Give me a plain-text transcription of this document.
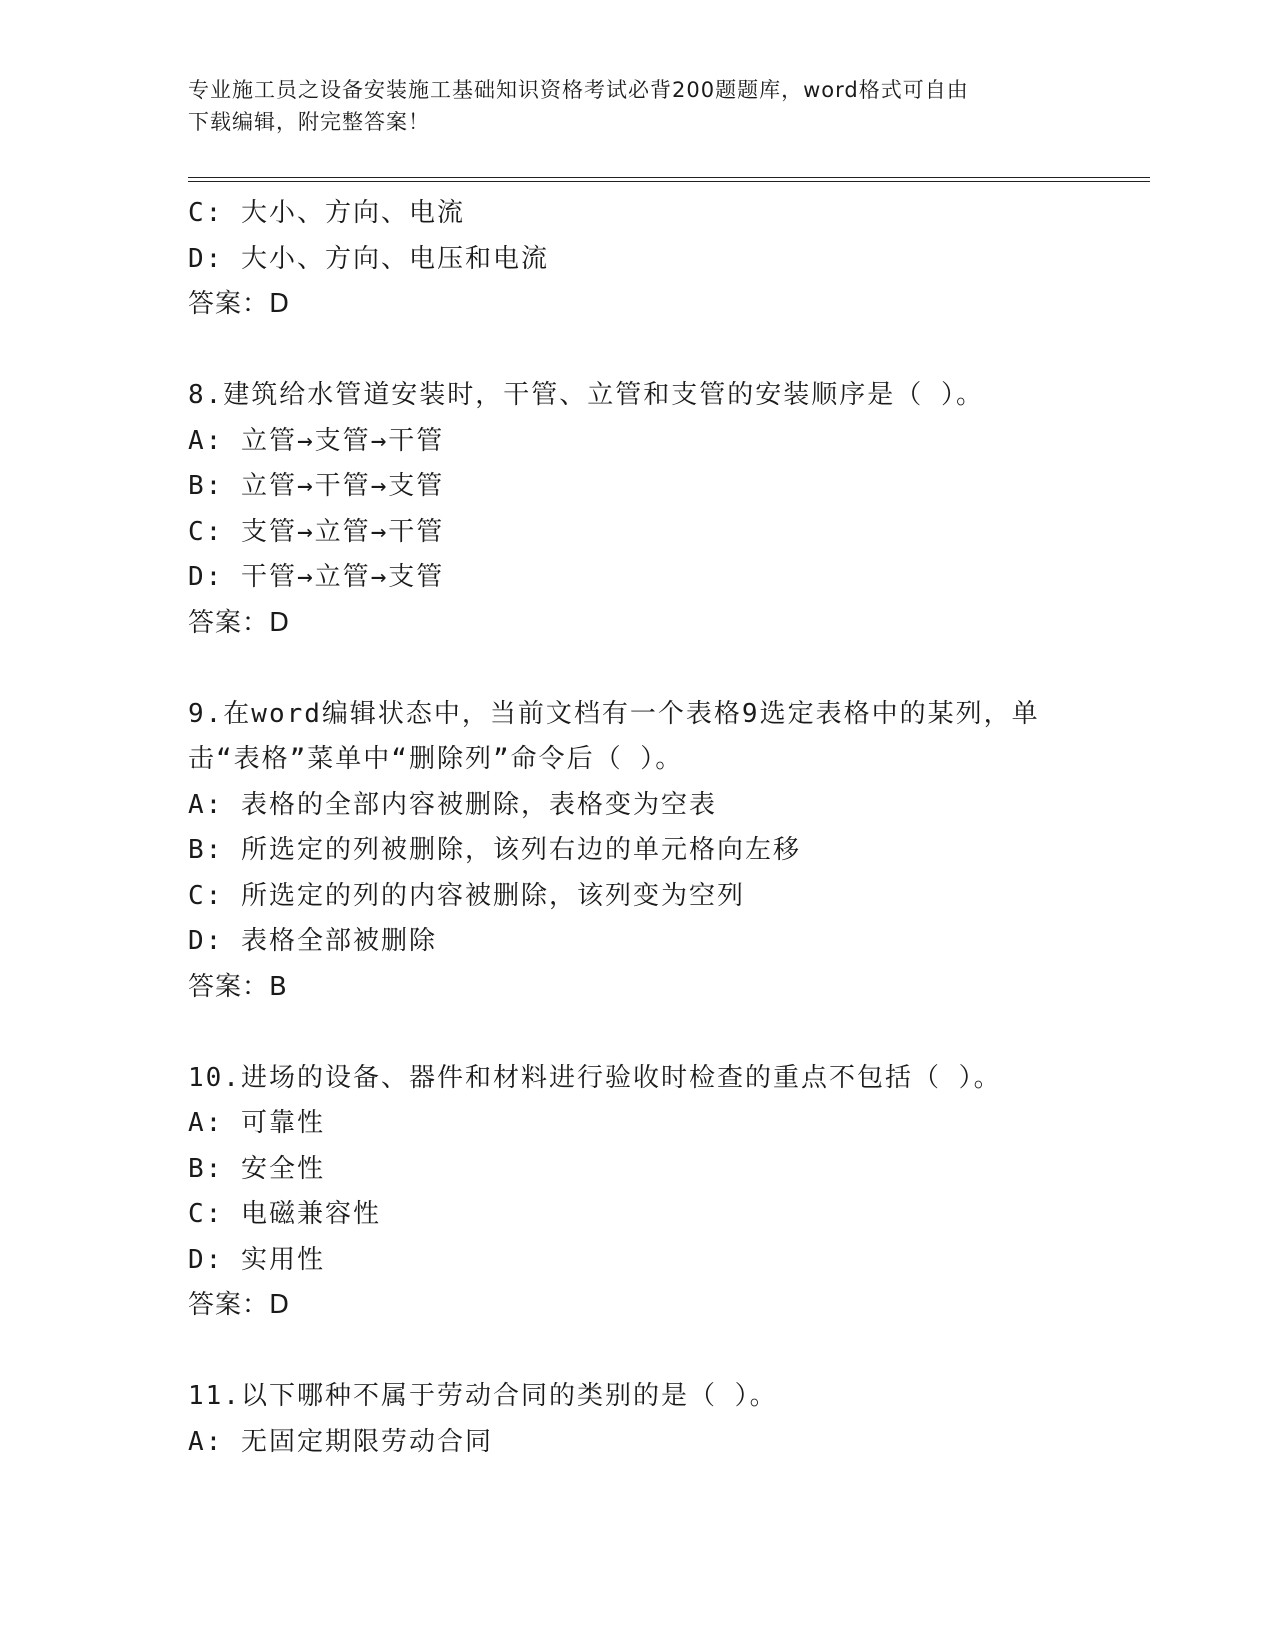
专业施工员之设备安装施工基础知识资格考试必背200题题库，word格式可自由
下载编辑，附完整答案！
C: 大小、方向、电流
D: 大小、方向、电压和电流
答案：D
8.建筑给水管道安装时，干管、立管和支管的安装顺序是（ ）。
A: 立管→支管→干管
B: 立管→干管→支管
C: 支管→立管→干管
D: 干管→立管→支管
答案：D
9.在word编辑状态中，当前文档有一个表格9选定表格中的某列，单
击“表格”菜单中“删除列”命令后（ ）。
A: 表格的全部内容被删除，表格变为空表
B: 所选定的列被删除，该列右边的单元格向左移
C: 所选定的列的内容被删除，该列变为空列
D: 表格全部被删除
答案：B
10.进场的设备、器件和材料进行验收时检查的重点不包括（ ）。
A: 可靠性
B: 安全性
C: 电磁兼容性
D: 实用性
答案：D
11.以下哪种不属于劳动合同的类别的是（ ）。
A: 无固定期限劳动合同
